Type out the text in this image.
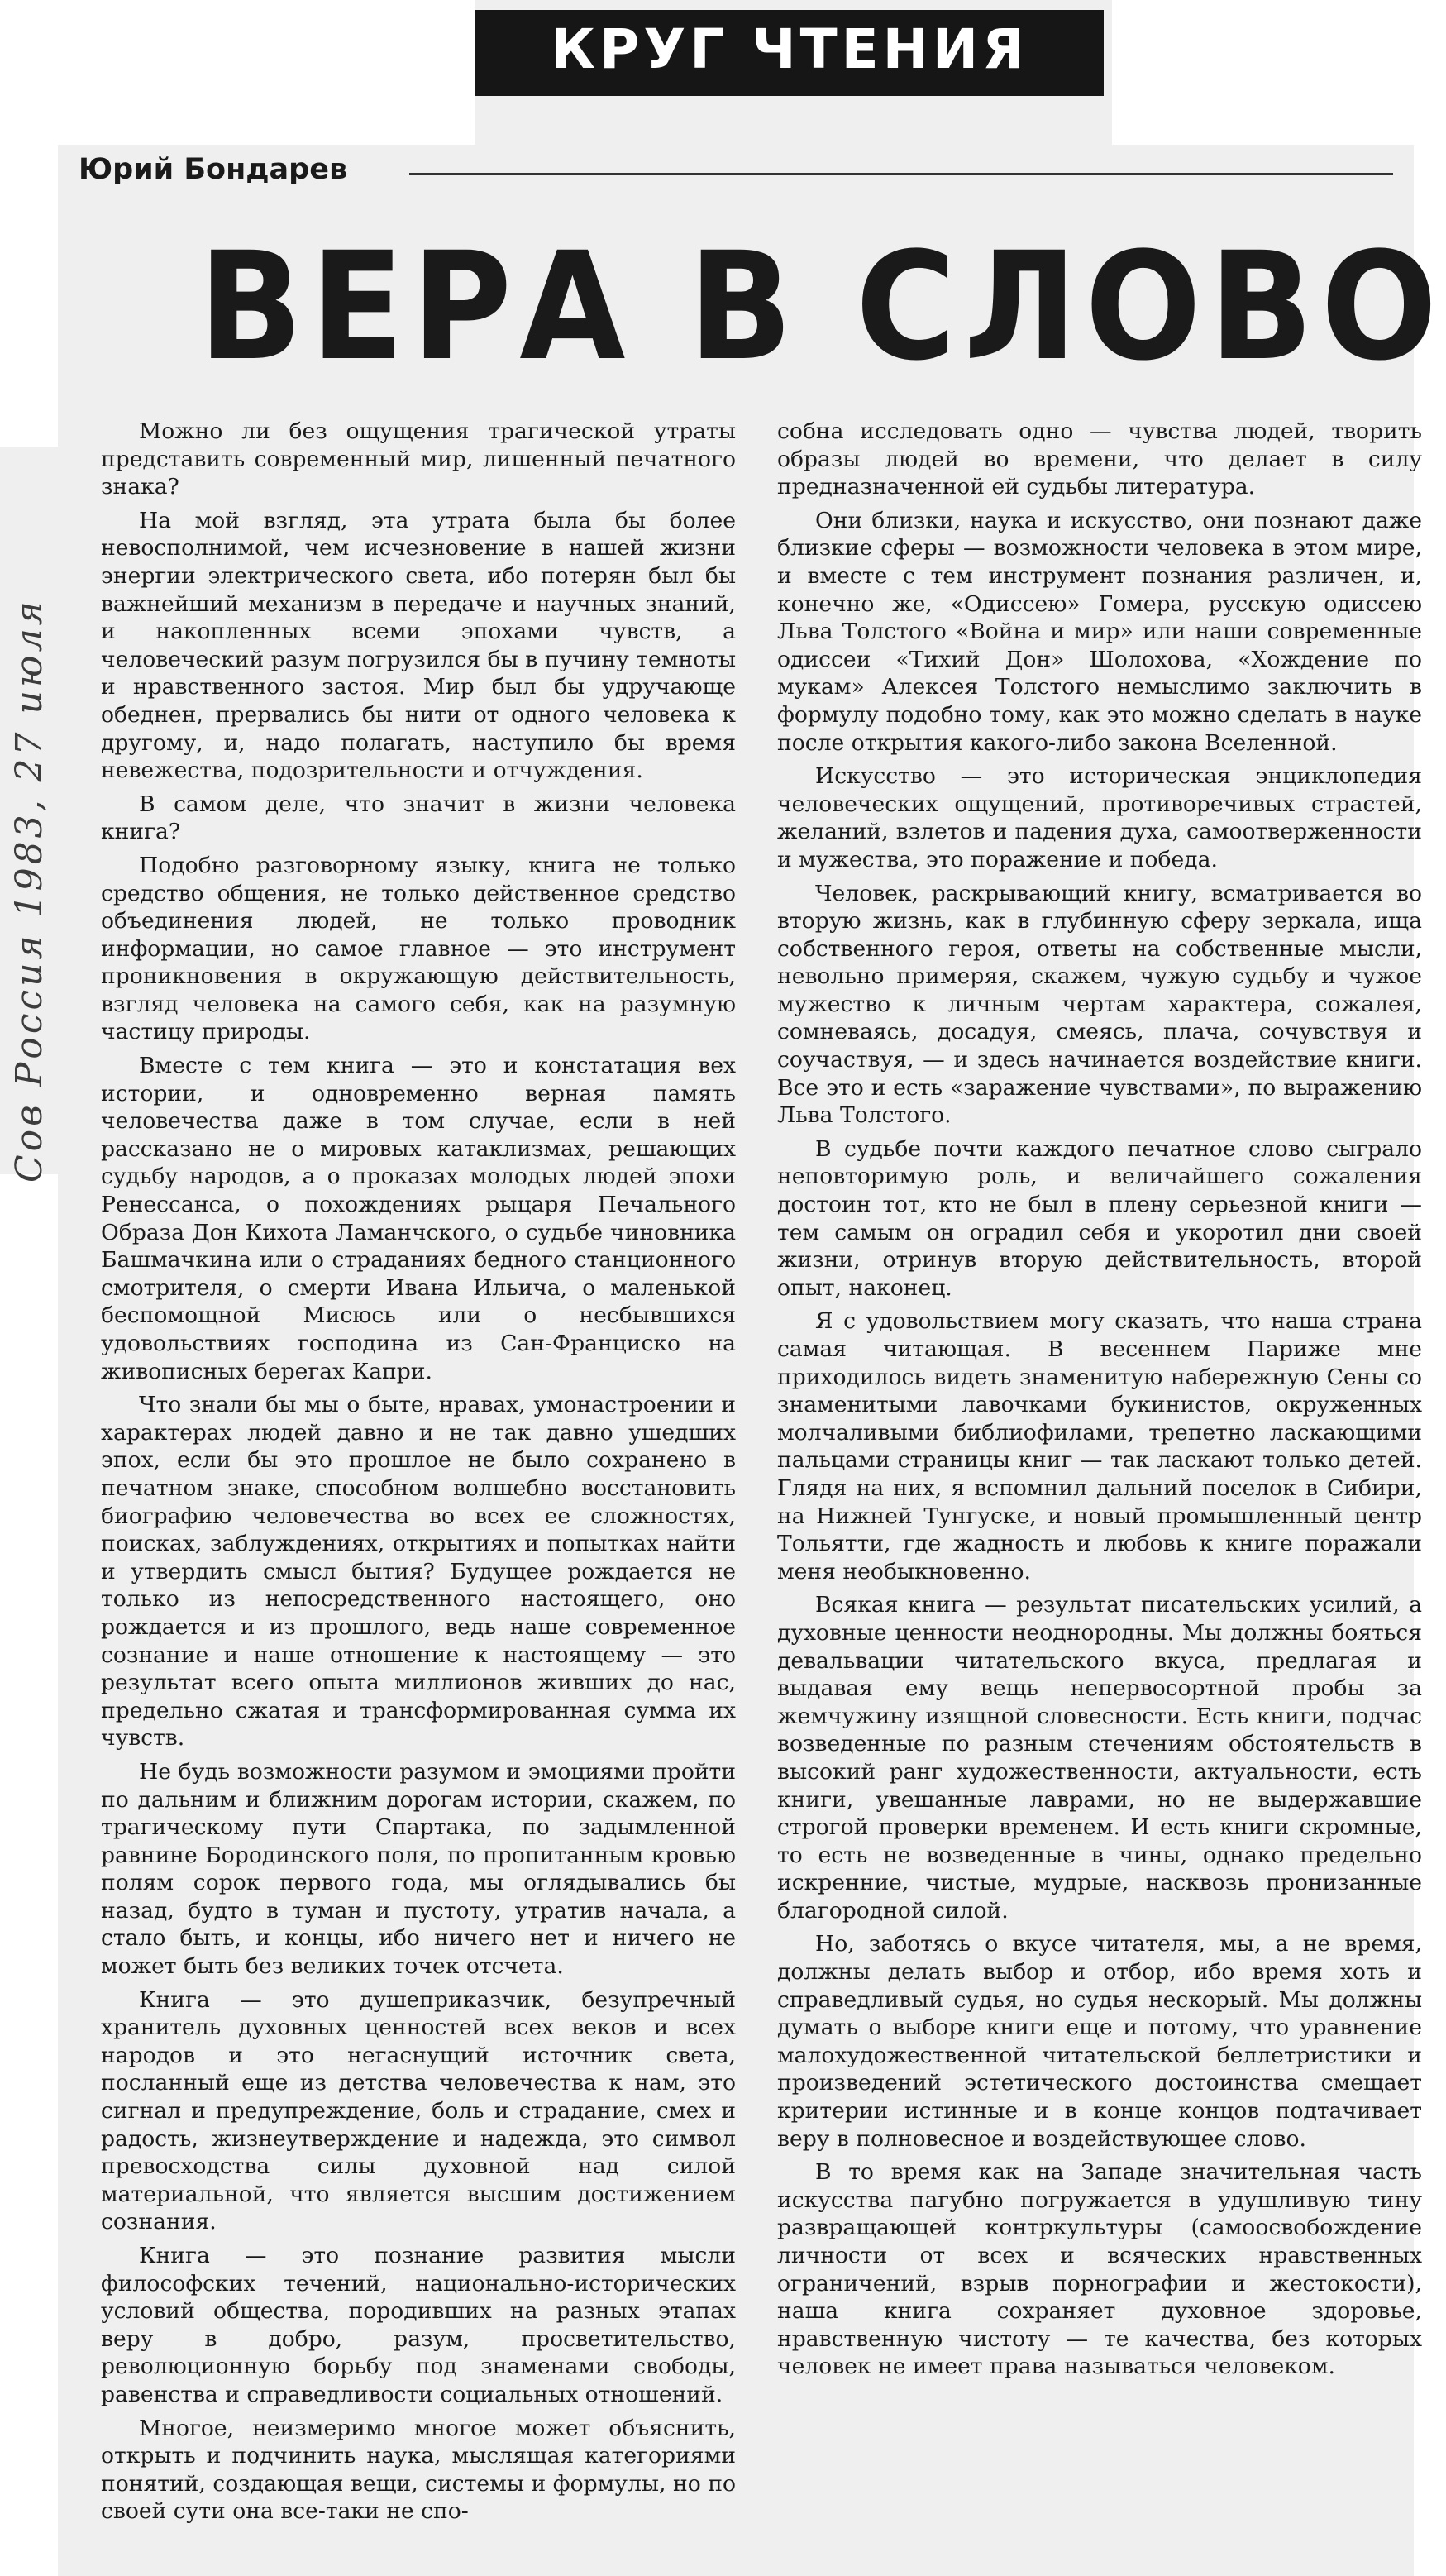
КРУГ ЧТЕНИЯ
Юрий Бондарев
ВЕРА В СЛОВО
Сов Россия 1983, 27 июля

Можно ли без ощущения трагической утраты представить современный мир, лишенный печатного знака?

На мой взгляд, эта утрата была бы более невосполнимой, чем исчезновение в нашей жизни энергии электрического света, ибо потерян был бы важнейший механизм в передаче и научных знаний, и накопленных всеми эпохами чувств, а человеческий разум погрузился бы в пучину темноты и нравственного застоя. Мир был бы удручающе обеднен, прервались бы нити от одного человека к другому, и, надо полагать, наступило бы время невежества, подозрительности и отчуждения.

В самом деле, что значит в жизни человека книга?

Подобно разговорному языку, книга не только средство общения, не только действенное средство объединения людей, не только проводник информации, но самое главное — это инструмент проникновения в окружающую действительность, взгляд человека на самого себя, как на разумную частицу природы.

Вместе с тем книга — это и констатация вех истории, и одновременно верная память человечества даже в том случае, если в ней рассказано не о мировых катаклизмах, решающих судьбу народов, а о проказах молодых людей эпохи Ренессанса, о похождениях рыцаря Печального Образа Дон Кихота Ламанчского, о судьбе чиновника Башмачкина или о страданиях бедного станционного смотрителя, о смерти Ивана Ильича, о маленькой беспомощной Мисюсь или о несбывшихся удовольствиях господина из Сан-Франциско на живописных берегах Капри.

Что знали бы мы о быте, нравах, умонастроении и характерах людей давно и не так давно ушедших эпох, если бы это прошлое не было сохранено в печатном знаке, способном волшебно восстановить биографию человечества во всех ее сложностях, поисках, заблуждениях, открытиях и попытках найти и утвердить смысл бытия? Будущее рождается не только из непосредственного настоящего, оно рождается и из прошлого, ведь наше современное сознание и наше отношение к настоящему — это результат всего опыта миллионов живших до нас, предельно сжатая и трансформированная сумма их чувств.

Не будь возможности разумом и эмоциями пройти по дальним и ближним дорогам истории, скажем, по трагическому пути Спартака, по задымленной равнине Бородинского поля, по пропитанным кровью полям сорок первого года, мы оглядывались бы назад, будто в туман и пустоту, утратив начала, а стало быть, и концы, ибо ничего нет и ничего не может быть без великих точек отсчета.

Книга — это душеприказчик, безупречный хранитель духовных ценностей всех веков и всех народов и это негаснущий источник света, посланный еще из детства человечества к нам, это сигнал и предупреждение, боль и страдание, смех и радость, жизнеутверждение и надежда, это символ превосходства силы духовной над силой материальной, что является высшим достижением сознания.

Книга — это познание развития мысли философских течений, национально-исторических условий общества, породивших на разных этапах веру в добро, разум, просветительство, революционную борьбу под знаменами свободы, равенства и справедливости социальных отношений.

Многое, неизмеримо многое может объяснить, открыть и подчинить наука, мыслящая категориями понятий, создающая вещи, системы и формулы, но по своей сути она все-таки не спо-

собна исследовать одно — чувства людей, творить образы людей во времени, что делает в силу предназначенной ей судьбы литература.

Они близки, наука и искусство, они познают даже близкие сферы — возможности человека в этом мире, и вместе с тем инструмент познания различен, и, конечно же, «Одиссею» Гомера, русскую одиссею Льва Толстого «Война и мир» или наши современные одиссеи «Тихий Дон» Шолохова, «Хождение по мукам» Алексея Толстого немыслимо заключить в формулу подобно тому, как это можно сделать в науке после открытия какого-либо закона Вселенной.

Искусство — это историческая энциклопедия человеческих ощущений, противоречивых страстей, желаний, взлетов и падения духа, самоотверженности и мужества, это поражение и победа.

Человек, раскрывающий книгу, всматривается во вторую жизнь, как в глубинную сферу зеркала, ища собственного героя, ответы на собственные мысли, невольно примеряя, скажем, чужую судьбу и чужое мужество к личным чертам характера, сожалея, сомневаясь, досадуя, смеясь, плача, сочувствуя и соучаствуя, — и здесь начинается воздействие книги. Все это и есть «заражение чувствами», по выражению Льва Толстого.

В судьбе почти каждого печатное слово сыграло неповторимую роль, и величайшего сожаления достоин тот, кто не был в плену серьезной книги — тем самым он оградил себя и укоротил дни своей жизни, отринув вторую действительность, второй опыт, наконец.

Я с удовольствием могу сказать, что наша страна самая читающая. В весеннем Париже мне приходилось видеть знаменитую набережную Сены со знаменитыми лавочками букинистов, окруженных молчаливыми библиофилами, трепетно ласкающими пальцами страницы книг — так ласкают только детей. Глядя на них, я вспомнил дальний поселок в Сибири, на Нижней Тунгуске, и новый промышленный центр Тольятти, где жадность и любовь к книге поражали меня необыкновенно.

Всякая книга — результат писательских усилий, а духовные ценности неоднородны. Мы должны бояться девальвации читательского вкуса, предлагая и выдавая ему вещь непервосортной пробы за жемчужину изящной словесности. Есть книги, подчас возведенные по разным стечениям обстоятельств в высокий ранг художественности, актуальности, есть книги, увешанные лаврами, но не выдержавшие строгой проверки временем. И есть книги скромные, то есть не возведенные в чины, однако предельно искренние, чистые, мудрые, насквозь пронизанные благородной силой.

Но, заботясь о вкусе читателя, мы, а не время, должны делать выбор и отбор, ибо время хоть и справедливый судья, но судья нескорый. Мы должны думать о выборе книги еще и потому, что уравнение малохудожественной читательской беллетристики и произведений эстетического достоинства смещает критерии истинные и в конце концов подтачивает веру в полновесное и воздействующее слово.

В то время как на Западе значительная часть искусства пагубно погружается в удушливую тину развращающей контркультуры (самоосвобождение личности от всех и всяческих нравственных ограничений, взрыв порнографии и жестокости), наша книга сохраняет духовное здоровье, нравственную чистоту — те качества, без которых человек не имеет права называться человеком.
